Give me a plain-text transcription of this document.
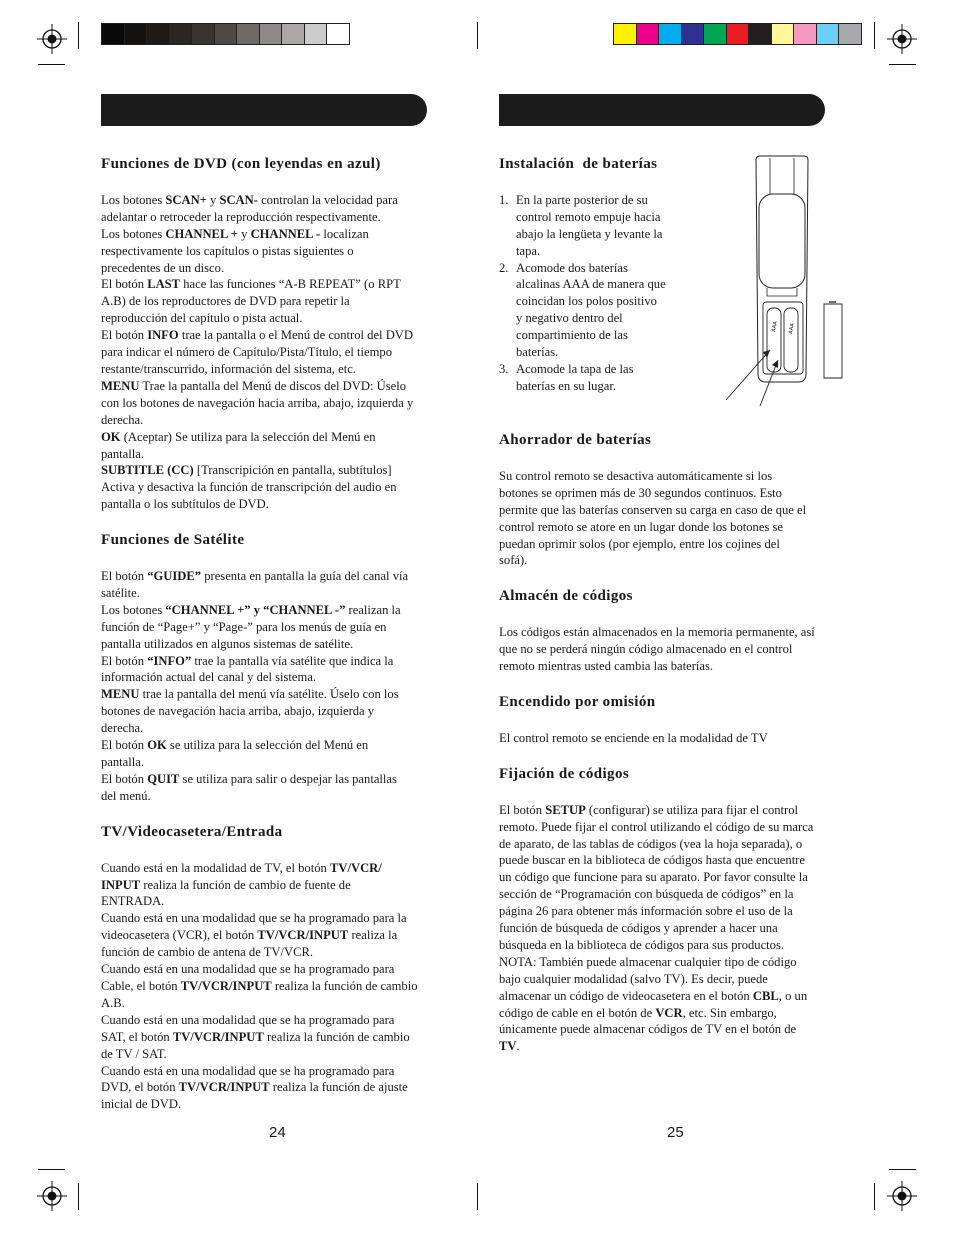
Funciones de DVD (con leyendas en azul)

Los botones SCAN+ y SCAN- controlan la velocidad para

adelantar o retroceder la reproducción respectivamente.

Los botones CHANNEL + y CHANNEL - localizan

respectivamente los capítulos o pistas siguientes o

precedentes de un disco.

El botón LAST hace las funciones “A-B REPEAT” (o RPT

A.B) de los reproductores de DVD para repetir la

reproducción del capítulo o pista actual.

El botón INFO trae la pantalla o el Menú de control del DVD

para indicar el número de Capítulo/Pista/Título, el tiempo

restante/transcurrido, información del sistema, etc.

MENU Trae la pantalla del Menú de discos del DVD: Úselo

con los botones de navegación hacia arriba, abajo, izquierda y

derecha.

OK (Aceptar) Se utiliza para la selección del Menú en

pantalla.

SUBTITLE (CC) [Transcripición en pantalla, subtítulos]

Activa y desactiva la función de transcripción del audio en

pantalla o los subtítulos de DVD.

Funciones de Satélite

El botón “GUIDE” presenta en pantalla la guía del canal vía

satélite.

Los botones “CHANNEL +” y “CHANNEL -” realizan la

función de “Page+” y “Page-” para los menús de guía en

pantalla utilizados en algunos sistemas de satélite.

El botón “INFO” trae la pantalla vía satélite que indica la

información actual del canal y del sistema.

MENU trae la pantalla del menú vía satélite. Úselo con los

botones de navegación hacia arriba, abajo, izquierda y

derecha.

El botón OK se utiliza para la selección del Menú en

pantalla.

El botón QUIT se utiliza para salir o despejar las pantallas

del menú.

TV/Videocasetera/Entrada

Cuando está en la modalidad de TV, el botón TV/VCR/

INPUT realiza la función de cambio de fuente de

ENTRADA.

Cuando está en una modalidad que se ha programado para la

videocasetera (VCR), el botón TV/VCR/INPUT realiza la

función de cambio de antena de TV/VCR.

Cuando está en una modalidad que se ha programado para

Cable, el botón TV/VCR/INPUT realiza la función de cambio

A.B.

Cuando está en una modalidad que se ha programado para

SAT, el botón TV/VCR/INPUT realiza la función de cambio

de TV / SAT.

Cuando está en una modalidad que se ha programado para

DVD, el botón TV/VCR/INPUT realiza la función de ajuste

inicial de DVD.

Instalación  de baterías
1. En la parte posterior de su
control remoto empuje hacia
abajo la lengüeta y levante la
tapa.
2. Acomode dos baterías
alcalinas AAA de manera que
coincidan los polos positivo
y negativo dentro del
compartimiento de las
baterías.
3. Acomode la tapa de las
baterías en su lugar.
AAA AAA
Ahorrador de baterías

Su control remoto se desactiva automáticamente si los

botones se oprimen más de 30 segundos continuos. Esto

permite que las baterías conserven su carga en caso de que el

control remoto se atore en un lugar donde los botones se

puedan oprimir solos (por ejemplo, entre los cojines del

sofá).

Almacén de códigos

Los códigos están almacenados en la memoria permanente, así

que no se perderá ningún código almacenado en el control

remoto mientras usted cambia las baterías.

Encendido por omisión

El control remoto se enciende en la modalidad de TV

Fijación de códigos

El botón SETUP (configurar) se utiliza para fijar el control

remoto. Puede fijar el control utilizando el código de su marca

de aparato, de las tablas de códigos (vea la hoja separada), o

puede buscar en la biblioteca de códigos hasta que encuentre

un código que funcione para su aparato. Por favor consulte la

sección de “Programación con búsqueda de códigos” en la

página 26 para obtener más información sobre el uso de la

función de búsqueda de códigos y aprender a hacer una

búsqueda en la biblioteca de códigos para sus productos.

NOTA: También puede almacenar cualquier tipo de código

bajo cualquier modalidad (salvo TV). Es decir, puede

almacenar un código de videocasetera en el botón CBL, o un

código de cable en el botón de VCR, etc. Sin embargo,

únicamente puede almacenar códigos de TV en el botón de

TV.

24	25
